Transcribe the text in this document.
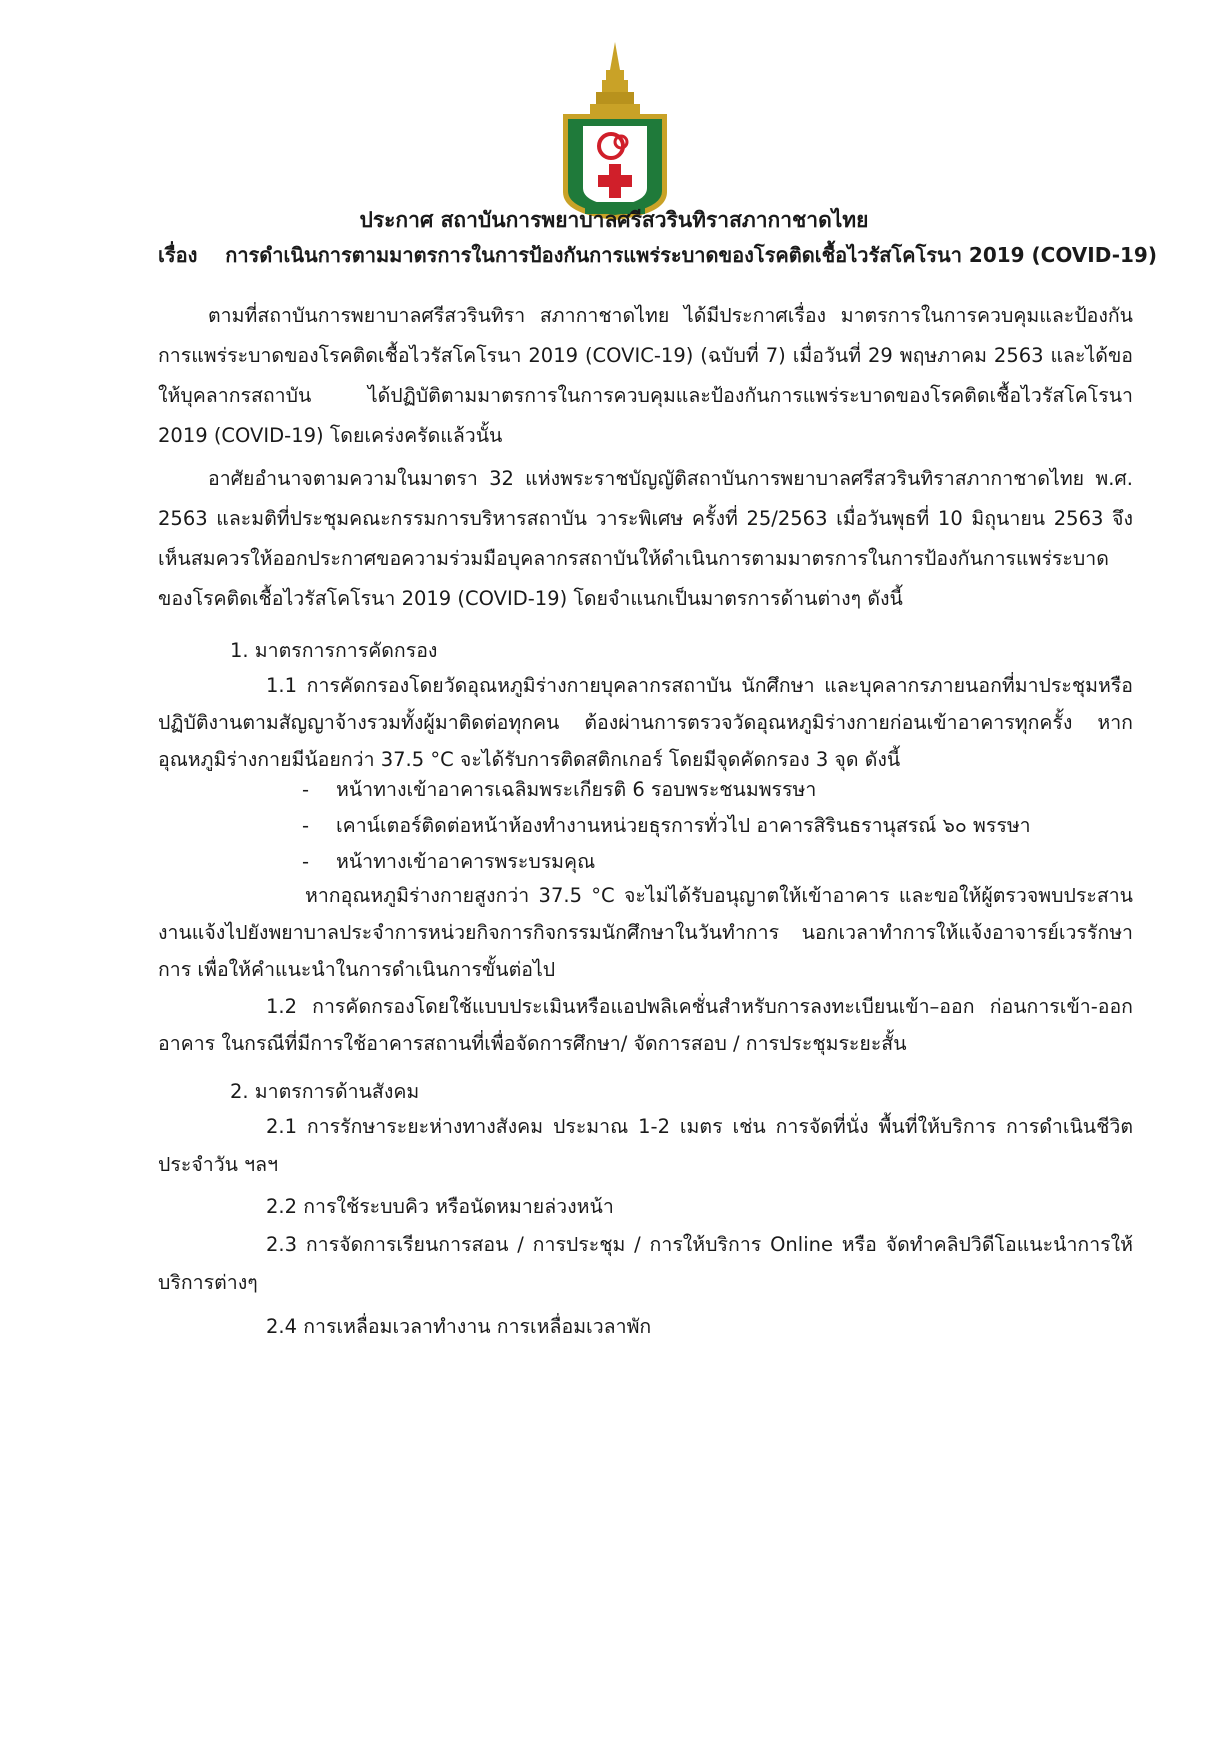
ประกาศ สถาบันการพยาบาลศรีสวรินทิราสภากาชาดไทย
เรื่อง การดำเนินการตามมาตรการในการป้องกันการแพร่ระบาดของโรคติดเชื้อไวรัสโคโรนา 2019 (COVID-19)
ตามที่สถาบันการพยาบาลศรีสวรินทิรา สภากาชาดไทย ได้มีประกาศเรื่อง มาตรการในการควบคุมและป้องกันการแพร่ระบาดของโรคติดเชื้อไวรัสโคโรนา 2019 (COVIC-19) (ฉบับที่ 7) เมื่อวันที่ 29 พฤษภาคม 2563 และได้ขอให้บุคลากรสถาบัน ได้ปฏิบัติตามมาตรการในการควบคุมและป้องกันการแพร่ระบาดของโรคติดเชื้อไวรัสโคโรนา 2019 (COVID-19) โดยเคร่งครัดแล้วนั้น
อาศัยอำนาจตามความในมาตรา 32 แห่งพระราชบัญญัติสถาบันการพยาบาลศรีสวรินทิราสภากาชาดไทย พ.ศ. 2563 และมติที่ประชุมคณะกรรมการบริหารสถาบัน วาระพิเศษ ครั้งที่ 25/2563 เมื่อวันพุธที่ 10 มิถุนายน 2563 จึงเห็นสมควรให้ออกประกาศขอความร่วมมือบุคลากรสถาบันให้ดำเนินการตามมาตรการในการป้องกันการแพร่ระบาดของโรคติดเชื้อไวรัสโคโรนา 2019 (COVID-19) โดยจำแนกเป็นมาตรการด้านต่างๆ ดังนี้
1. มาตรการการคัดกรอง
1.1 การคัดกรองโดยวัดอุณหภูมิร่างกายบุคลากรสถาบัน นักศึกษา และบุคลากรภายนอกที่มาประชุมหรือปฏิบัติงานตามสัญญาจ้างรวมทั้งผู้มาติดต่อทุกคน ต้องผ่านการตรวจวัดอุณหภูมิร่างกายก่อนเข้าอาคารทุกครั้ง หากอุณหภูมิร่างกายมีน้อยกว่า 37.5 °C จะได้รับการติดสติกเกอร์ โดยมีจุดคัดกรอง 3 จุด ดังนี้
- หน้าทางเข้าอาคารเฉลิมพระเกียรติ 6 รอบพระชนมพรรษา
- เคาน์เตอร์ติดต่อหน้าห้องทำงานหน่วยธุรการทั่วไป อาคารสิรินธรานุสรณ์ ๖๐ พรรษา
- หน้าทางเข้าอาคารพระบรมคุณ
หากอุณหภูมิร่างกายสูงกว่า 37.5 °C จะไม่ได้รับอนุญาตให้เข้าอาคาร และขอให้ผู้ตรวจพบประสานงานแจ้งไปยังพยาบาลประจำการหน่วยกิจการกิจกรรมนักศึกษาในวันทำการ นอกเวลาทำการให้แจ้งอาจารย์เวรรักษาการ เพื่อให้คำแนะนำในการดำเนินการขั้นต่อไป
1.2 การคัดกรองโดยใช้แบบประเมินหรือแอปพลิเคชั่นสำหรับการลงทะเบียนเข้า–ออก ก่อนการเข้า-ออกอาคาร ในกรณีที่มีการใช้อาคารสถานที่เพื่อจัดการศึกษา/ จัดการสอบ / การประชุมระยะสั้น
2. มาตรการด้านสังคม
2.1 การรักษาระยะห่างทางสังคม ประมาณ 1-2 เมตร เช่น การจัดที่นั่ง พื้นที่ให้บริการ การดำเนินชีวิตประจำวัน ฯลฯ
2.2 การใช้ระบบคิว หรือนัดหมายล่วงหน้า
2.3 การจัดการเรียนการสอน / การประชุม / การให้บริการ Online หรือ จัดทำคลิปวิดีโอแนะนำการให้บริการต่างๆ
2.4 การเหลื่อมเวลาทำงาน การเหลื่อมเวลาพัก
